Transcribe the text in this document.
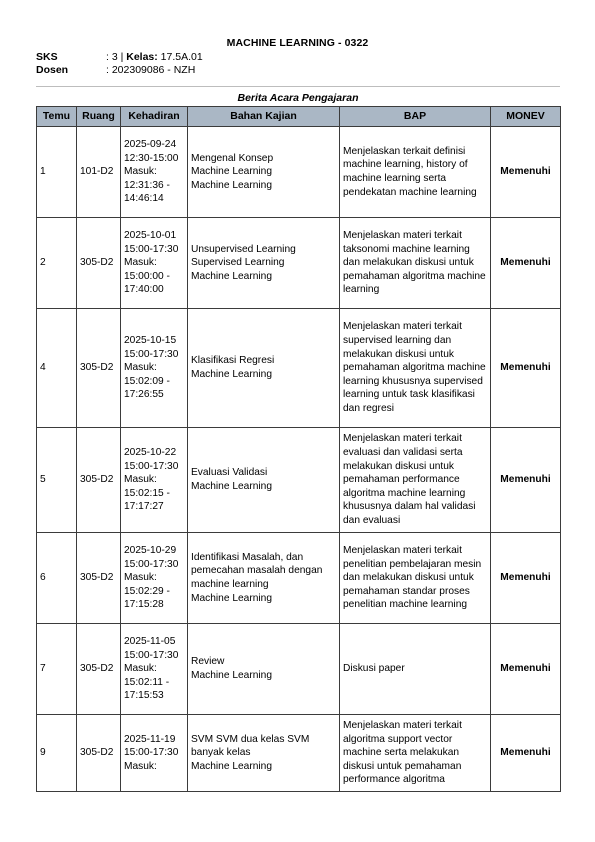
MACHINE LEARNING - 0322
SKS	: 3 | Kelas: 17.5A.01
Dosen	: 202309086 - NZH
Berita Acara Pengajaran
Temu	Ruang	Kehadiran	Bahan Kajian	BAP	MONEV
1	101-D2	2025-09-24 12:30-15:00 Masuk: 12:31:36 - 14:46:14	Mengenal Konsep
Machine Learning
Machine Learning	Menjelaskan terkait definisi machine learning, history of machine learning serta pendekatan machine learning	Memenuhi
2	305-D2	2025-10-01 15:00-17:30 Masuk: 15:00:00 - 17:40:00	Unsupervised Learning
Supervised Learning
Machine Learning	Menjelaskan materi terkait taksonomi machine learning dan melakukan diskusi untuk pemahaman algoritma machine learning	Memenuhi
4	305-D2	2025-10-15 15:00-17:30 Masuk: 15:02:09 - 17:26:55	Klasifikasi Regresi
Machine Learning	Menjelaskan materi terkait supervised learning dan melakukan diskusi untuk pemahaman algoritma machine learning khususnya supervised learning untuk task klasifikasi dan regresi	Memenuhi
5	305-D2	2025-10-22 15:00-17:30 Masuk: 15:02:15 - 17:17:27	Evaluasi Validasi
Machine Learning	Menjelaskan materi terkait evaluasi dan validasi serta melakukan diskusi untuk pemahaman performance algoritma machine learning khususnya dalam hal validasi dan evaluasi	Memenuhi
6	305-D2	2025-10-29 15:00-17:30 Masuk: 15:02:29 - 17:15:28	Identifikasi Masalah, dan pemecahan masalah dengan machine learning
Machine Learning	Menjelaskan materi terkait penelitian pembelajaran mesin dan melakukan diskusi untuk pemahaman standar proses penelitian machine learning	Memenuhi
7	305-D2	2025-11-05 15:00-17:30 Masuk: 15:02:11 - 17:15:53	Review
Machine Learning	Diskusi paper	Memenuhi
9	305-D2	2025-11-19 15:00-17:30 Masuk:	SVM SVM dua kelas SVM banyak kelas
Machine Learning	Menjelaskan materi terkait algoritma support vector machine serta melakukan diskusi untuk pemahaman performance algoritma	Memenuhi
